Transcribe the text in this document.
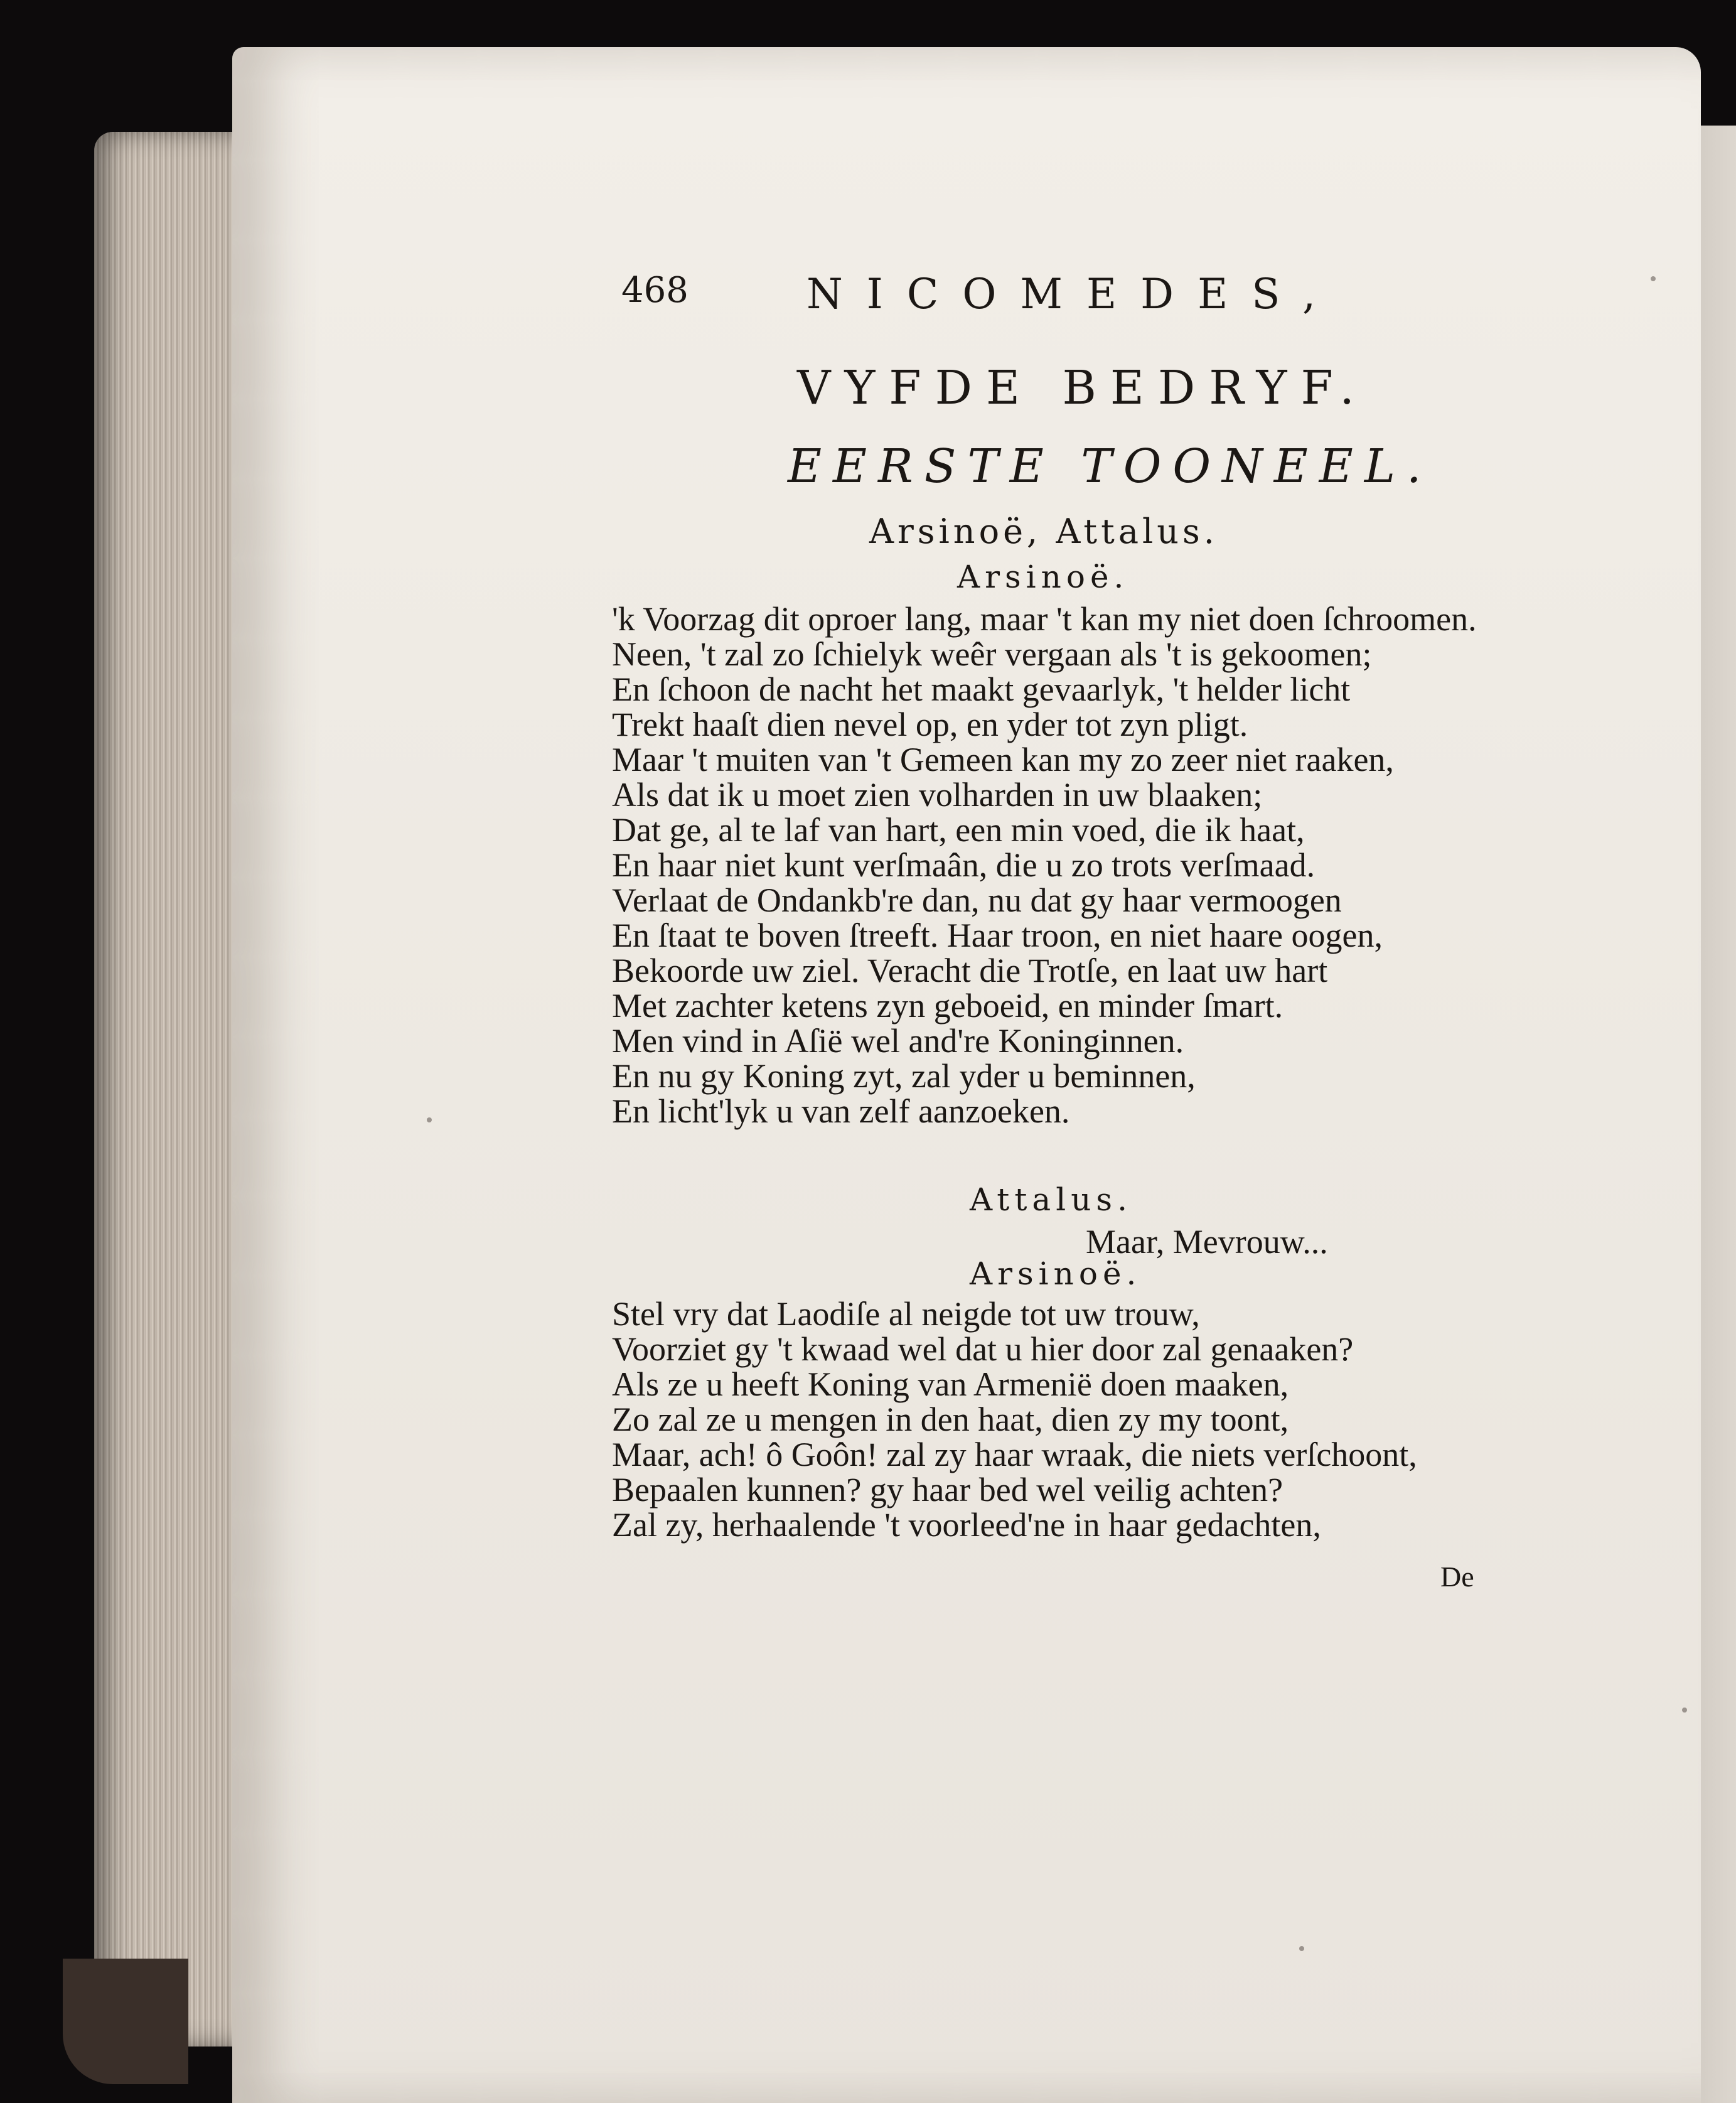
468	NICOMEDES,
VYFDE BEDRYF.
EERSTE TOONEEL.
Arsinoë, Attalus.
Arsinoë.
'k Voorzag dit oproer lang, maar 't kan my niet doen ſchroomen.
Neen, 't zal zo ſchielyk weêr vergaan als 't is gekoomen;
En ſchoon de nacht het maakt gevaarlyk, 't helder licht
Trekt haaſt dien nevel op, en yder tot zyn pligt.
Maar 't muiten van 't Gemeen kan my zo zeer niet raaken,
Als dat ik u moet zien volharden in uw blaaken;
Dat ge, al te laf van hart, een min voed, die ik haat,
En haar niet kunt verſmaân, die u zo trots verſmaad.
Verlaat de Ondankb're dan, nu dat gy haar vermoogen
En ſtaat te boven ſtreeft. Haar troon, en niet haare oogen,
Bekoorde uw ziel. Veracht die Trotſe, en laat uw hart
Met zachter ketens zyn geboeid, en minder ſmart.
Men vind in Aſië wel and're Koninginnen.
En nu gy Koning zyt, zal yder u beminnen,
En licht'lyk u van zelf aanzoeken.
Attalus.
Maar, Mevrouw...
Arsinoë.
Stel vry dat Laodiſe al neigde tot uw trouw,
Voorziet gy 't kwaad wel dat u hier door zal genaaken?
Als ze u heeft Koning van Armenië doen maaken,
Zo zal ze u mengen in den haat, dien zy my toont,
Maar, ach! ô Goôn! zal zy haar wraak, die niets verſchoont,
Bepaalen kunnen? gy haar bed wel veilig achten?
Zal zy, herhaalende 't voorleed'ne in haar gedachten,
De
